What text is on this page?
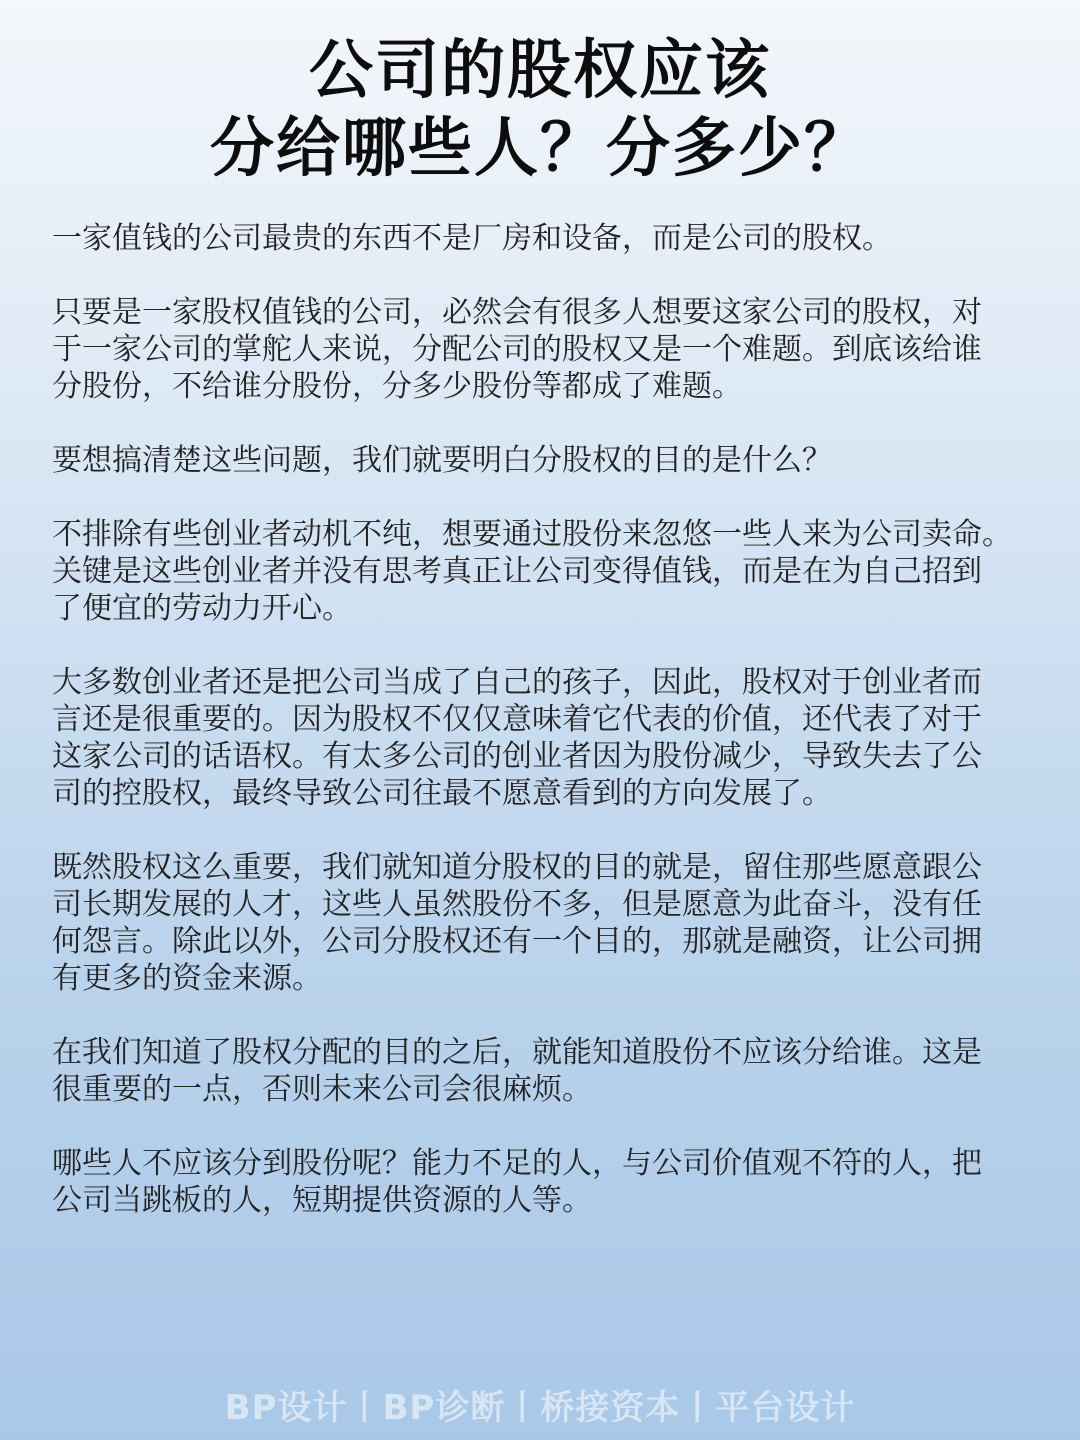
公司的股权应该
分给哪些人？分多少？
一家值钱的公司最贵的东西不是厂房和设备，而是公司的股权。
只要是一家股权值钱的公司，必然会有很多人想要这家公司的股权，对
于一家公司的掌舵人来说，分配公司的股权又是一个难题。到底该给谁
分股份，不给谁分股份，分多少股份等都成了难题。
要想搞清楚这些问题，我们就要明白分股权的目的是什么？
不排除有些创业者动机不纯，想要通过股份来忽悠一些人来为公司卖命。
关键是这些创业者并没有思考真正让公司变得值钱，而是在为自己招到
了便宜的劳动力开心。
大多数创业者还是把公司当成了自己的孩子，因此，股权对于创业者而
言还是很重要的。因为股权不仅仅意味着它代表的价值，还代表了对于
这家公司的话语权。有太多公司的创业者因为股份减少，导致失去了公
司的控股权，最终导致公司往最不愿意看到的方向发展了。
既然股权这么重要，我们就知道分股权的目的就是，留住那些愿意跟公
司长期发展的人才，这些人虽然股份不多，但是愿意为此奋斗，没有任
何怨言。除此以外，公司分股权还有一个目的，那就是融资，让公司拥
有更多的资金来源。
在我们知道了股权分配的目的之后，就能知道股份不应该分给谁。这是
很重要的一点，否则未来公司会很麻烦。
哪些人不应该分到股份呢？能力不足的人，与公司价值观不符的人，把
公司当跳板的人，短期提供资源的人等。
BP设计丨BP诊断丨桥接资本丨平台设计
